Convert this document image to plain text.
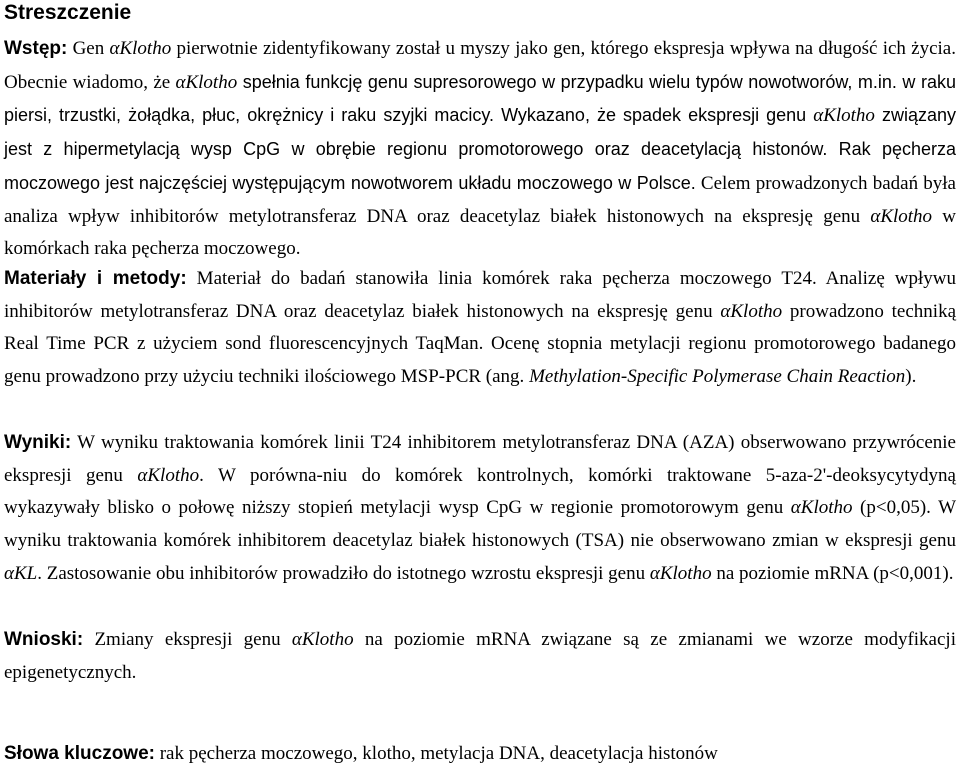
Streszczenie
Wstęp: Gen αKlotho pierwotnie zidentyfikowany został u myszy jako gen, którego ekspresja wpływa na długość ich życia. Obecnie wiadomo, że αKlotho spełnia funkcję genu supresorowego w przypadku wielu typów nowotworów, m.in. w raku piersi, trzustki, żołądka, płuc, okrężnicy i raku szyjki macicy. Wykazano, że spadek ekspresji genu αKlotho związany jest z hipermetylacją wysp CpG w obrębie regionu promotorowego oraz deacetylacją histonów. Rak pęcherza moczowego jest najczęściej występującym nowotworem układu moczowego w Polsce. Celem prowadzonych badań była analiza wpływ inhibitorów metylotransferaz DNA oraz deacetylaz białek histonowych na ekspresję genu αKlotho w komórkach raka pęcherza moczowego.
Materiały i metody: Materiał do badań stanowiła linia komórek raka pęcherza moczowego T24. Analizę wpływu inhibitorów metylotransferaz DNA oraz deacetylaz białek histonowych na ekspresję genu αKlotho prowadzono techniką Real Time PCR z użyciem sond fluorescencyjnych TaqMan. Ocenę stopnia metylacji regionu promotorowego badanego genu prowadzono przy użyciu techniki ilościowego MSP-PCR (ang. Methylation-Specific Polymerase Chain Reaction).
Wyniki: W wyniku traktowania komórek linii T24 inhibitorem metylotransferaz DNA (AZA) obserwowano przywrócenie ekspresji genu αKlotho. W porówna-niu do komórek kontrolnych, komórki traktowane 5-aza-2'-deoksycytydyną wykazywały blisko o połowę niższy stopień metylacji wysp CpG w regionie promotorowym genu αKlotho (p<0,05). W wyniku traktowania komórek inhibitorem deacetylaz białek histonowych (TSA) nie obserwowano zmian w ekspresji genu αKL. Zastosowanie obu inhibitorów prowadziło do istotnego wzrostu ekspresji genu αKlotho na poziomie mRNA (p<0,001).
Wnioski: Zmiany ekspresji genu αKlotho na poziomie mRNA związane są ze zmianami we wzorze modyfikacji epigenetycznych.
Słowa kluczowe: rak pęcherza moczowego, klotho, metylacja DNA, deacetylacja histonów
